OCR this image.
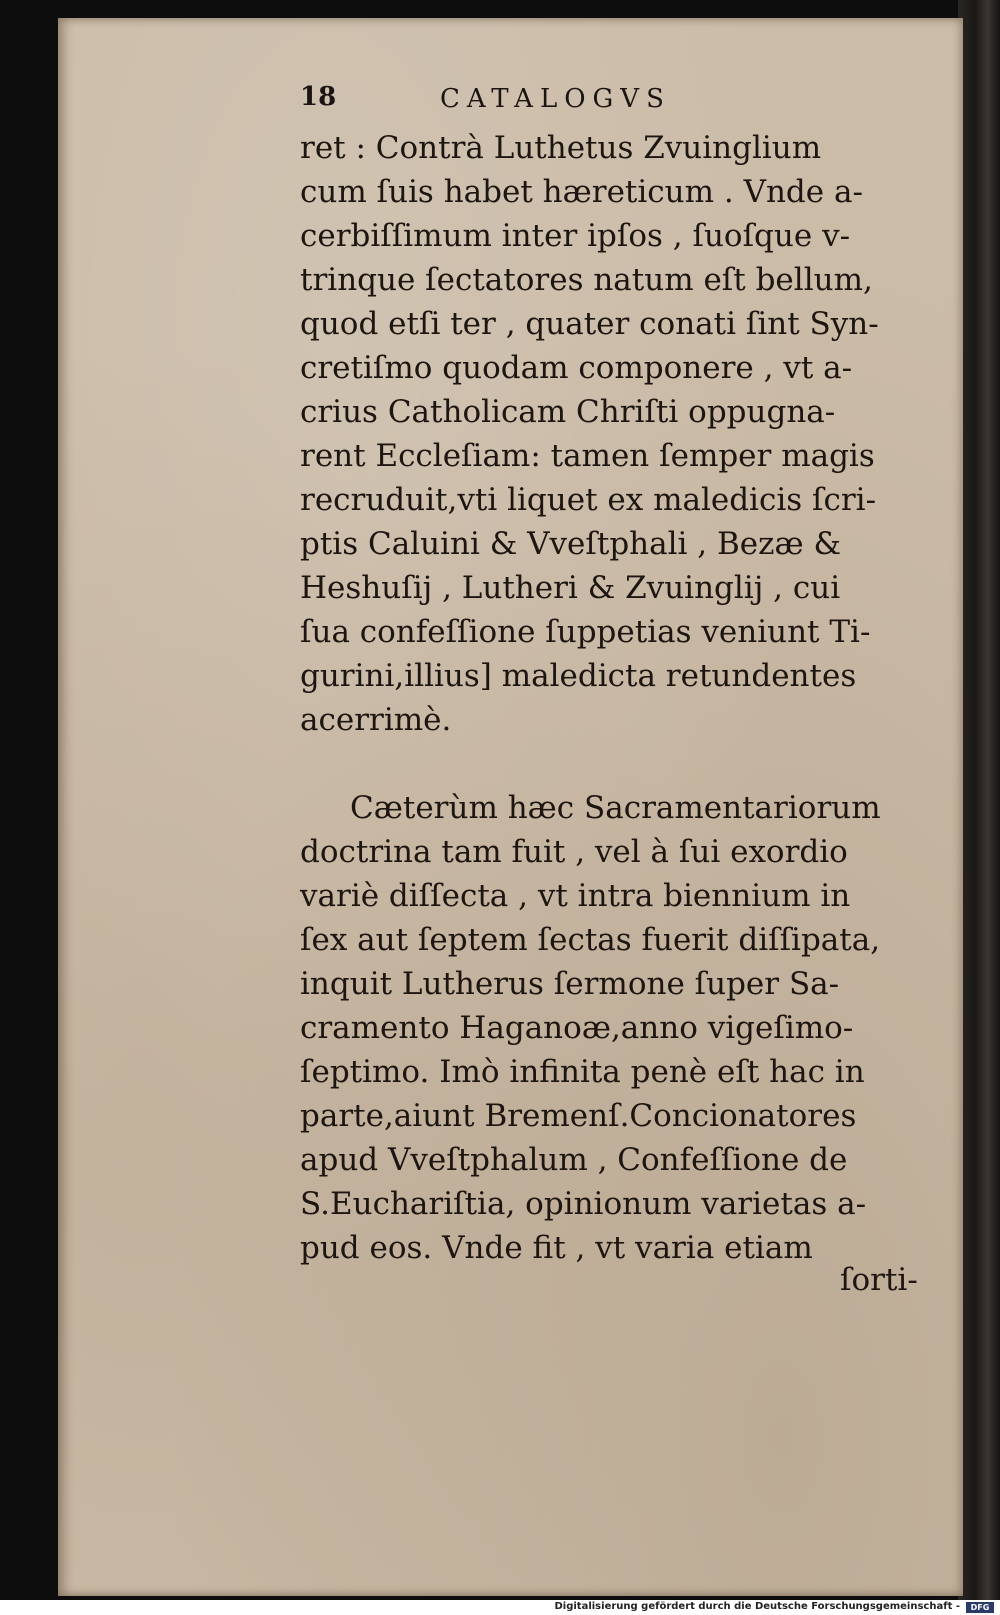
18	CATALOGVS
ret : Contrà Luthetus Zvuinglium
cum ſuis habet hæreticum . Vnde a-
cerbiſſimum inter ipſos , ſuoſque v-
trinque ſectatores natum eſt bellum,
quod etſi ter , quater conati ſint Syn-
cretiſmo quodam componere , vt a-
crius Catholicam Chriſti oppugna-
rent Eccleſiam: tamen ſemper magis
recruduit,vti liquet ex maledicis ſcri-
ptis Caluini & Vveſtphali , Bezæ &
Heshuſij , Lutheri & Zvuinglij , cui
ſua confeſſione ſuppetias veniunt Ti-
gurini,illius] maledicta retundentes
acerrimè.
Cæterùm hæc Sacramentariorum
doctrina tam fuit , vel à ſui exordio
variè diſſecta , vt intra biennium in
ſex aut ſeptem ſectas fuerit diſſipata,
inquit Lutherus ſermone ſuper Sa-
cramento Haganoæ,anno vigeſimo-
ſeptimo. Imò infinita penè eſt hac in
parte,aiunt Bremenſ.Concionatores
apud Vveſtphalum , Confeſſione de
S.Euchariſtia, opinionum varietas a-
pud eos. Vnde fit , vt varia etiam
ſorti-
Digitalisierung gefördert durch die Deutsche Forschungsgemeinschaft -	DFG
